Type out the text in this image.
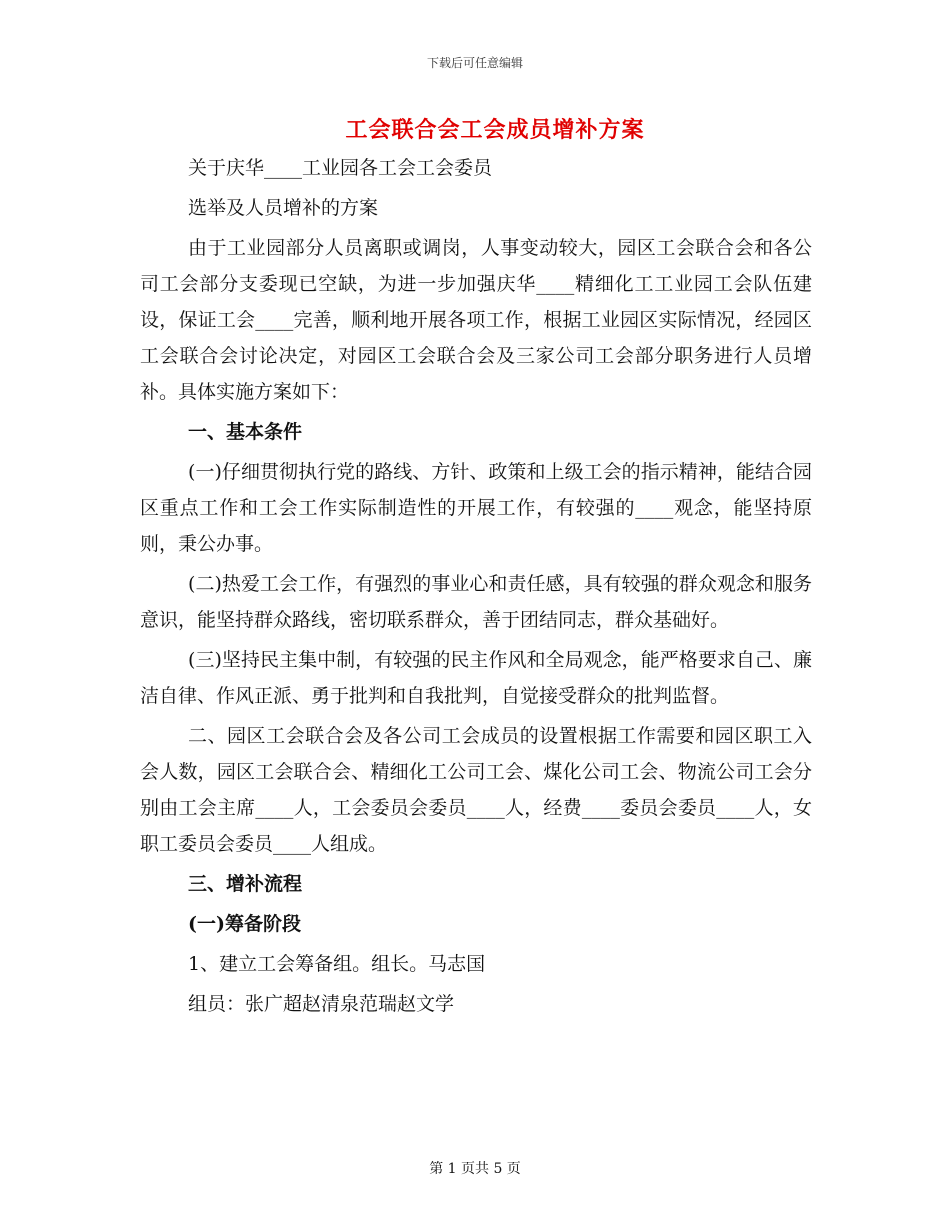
下载后可任意编辑
工会联合会工会成员增补方案

关于庆华____工业园各工会工会委员

选举及人员增补的方案

由于工业园部分人员离职或调岗，人事变动较大，园区工会联合会和各公司工会部分支委现已空缺，为进一步加强庆华____精细化工工业园工会队伍建设，保证工会____完善，顺利地开展各项工作，根据工业园区实际情况，经园区工会联合会讨论决定，对园区工会联合会及三家公司工会部分职务进行人员增补。具体实施方案如下：

一、基本条件

(一)仔细贯彻执行党的路线、方针、政策和上级工会的指示精神，能结合园区重点工作和工会工作实际制造性的开展工作，有较强的____观念，能坚持原则，秉公办事。

(二)热爱工会工作，有强烈的事业心和责任感，具有较强的群众观念和服务意识，能坚持群众路线，密切联系群众，善于团结同志，群众基础好。

(三)坚持民主集中制，有较强的民主作风和全局观念，能严格要求自己、廉洁自律、作风正派、勇于批判和自我批判，自觉接受群众的批判监督。

二、园区工会联合会及各公司工会成员的设置根据工作需要和园区职工入会人数，园区工会联合会、精细化工公司工会、煤化公司工会、物流公司工会分别由工会主席____人，工会委员会委员____人，经费____委员会委员____人，女职工委员会委员____人组成。

三、增补流程

(一)筹备阶段

1、建立工会筹备组。组长。马志国

组员：张广超赵清泉范瑞赵文学

第 1 页共 5 页
